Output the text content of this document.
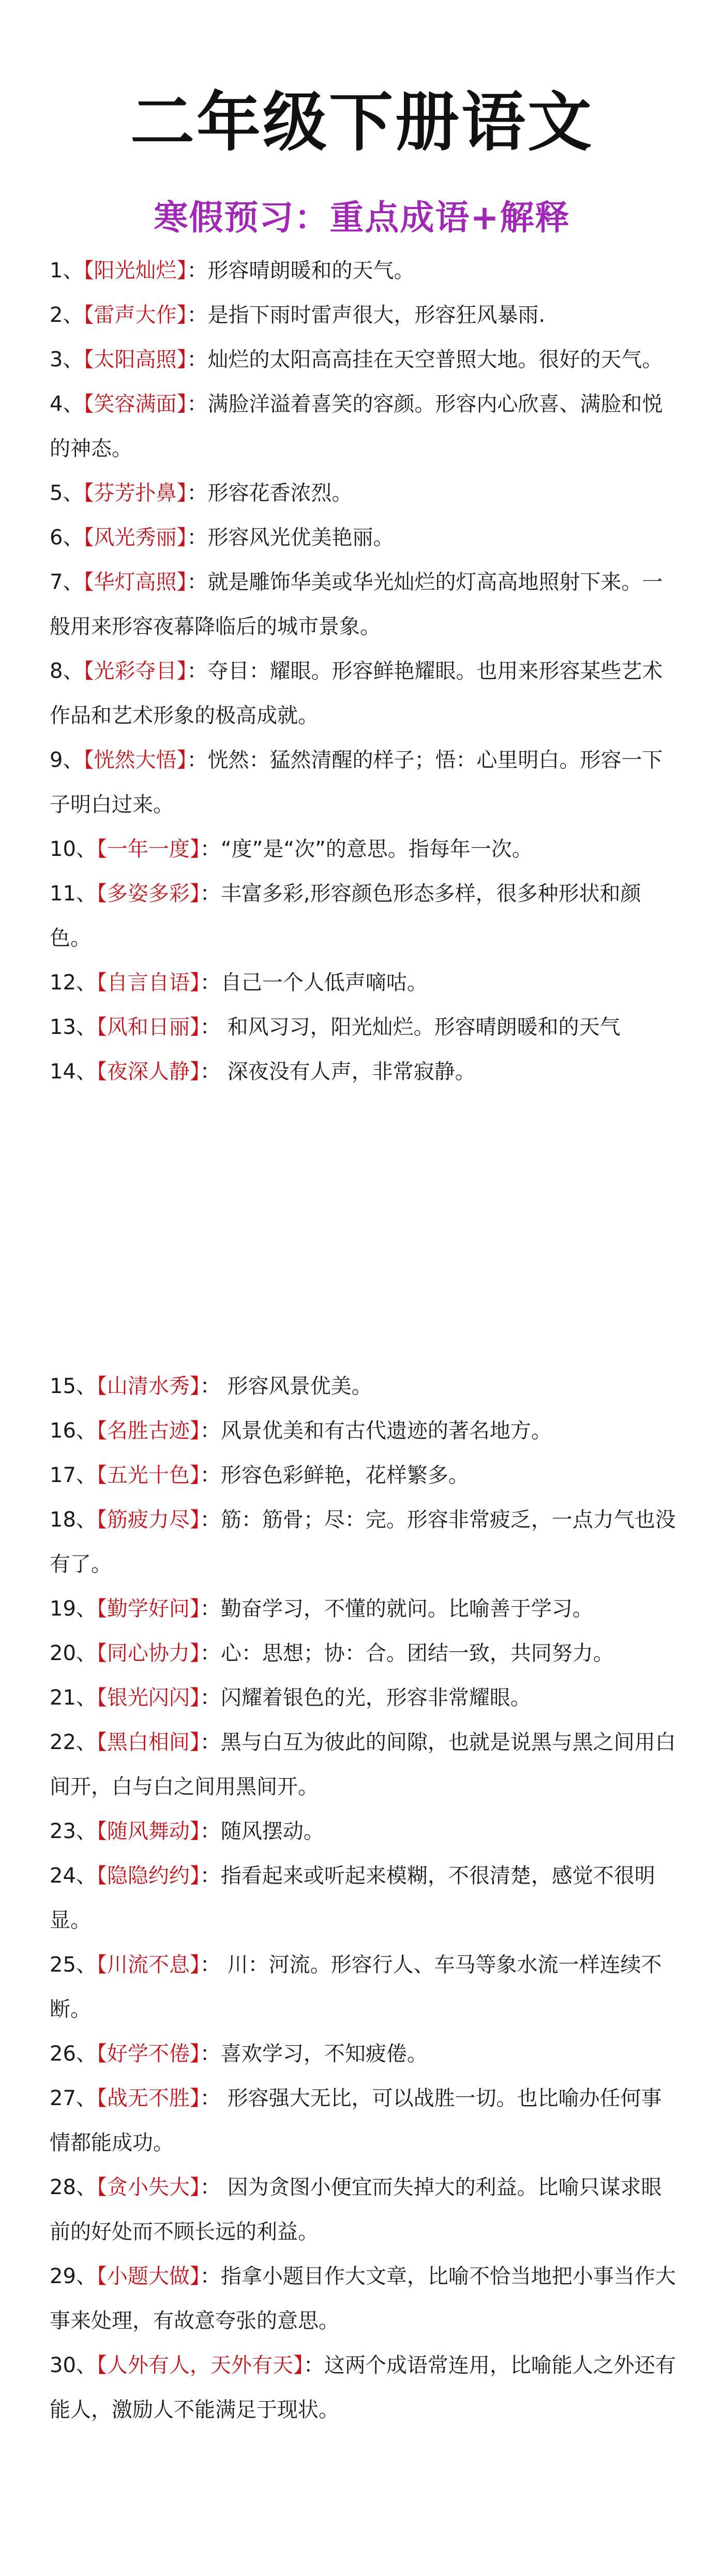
二年级下册语文
寒假预习：重点成语+解释
1、【阳光灿烂】：形容晴朗暖和的天气。
2、【雷声大作】：是指下雨时雷声很大，形容狂风暴雨.
3、【太阳高照】：灿烂的太阳高高挂在天空普照大地。很好的天气。
4、【笑容满面】：满脸洋溢着喜笑的容颜。形容内心欣喜、满脸和悦的神态。
5、【芬芳扑鼻】：形容花香浓烈。
6、【风光秀丽】：形容风光优美艳丽。
7、【华灯高照】：就是雕饰华美或华光灿烂的灯高高地照射下来。一般用来形容夜幕降临后的城市景象。
8、【光彩夺目】：夺目：耀眼。形容鲜艳耀眼。也用来形容某些艺术作品和艺术形象的极高成就。
9、【恍然大悟】：恍然：猛然清醒的样子；悟：心里明白。形容一下子明白过来。
10、【一年一度】：“度”是“次”的意思。指每年一次。
11、【多姿多彩】：丰富多彩,形容颜色形态多样，很多种形状和颜色。
12、【自言自语】：自己一个人低声嘀咕。
13、【风和日丽】： 和风习习，阳光灿烂。形容晴朗暖和的天气
14、【夜深人静】： 深夜没有人声，非常寂静。
15、【山清水秀】： 形容风景优美。
16、【名胜古迹】：风景优美和有古代遗迹的著名地方。
17、【五光十色】：形容色彩鲜艳，花样繁多。
18、【筋疲力尽】：筋：筋骨；尽：完。形容非常疲乏，一点力气也没有了。
19、【勤学好问】：勤奋学习，不懂的就问。比喻善于学习。
20、【同心协力】：心：思想；协：合。团结一致，共同努力。
21、【银光闪闪】：闪耀着银色的光，形容非常耀眼。
22、【黑白相间】：黑与白互为彼此的间隙，也就是说黑与黑之间用白间开，白与白之间用黑间开。
23、【随风舞动】：随风摆动。
24、【隐隐约约】：指看起来或听起来模糊，不很清楚，感觉不很明显。
25、【川流不息】： 川：河流。形容行人、车马等象水流一样连续不断。
26、【好学不倦】：喜欢学习，不知疲倦。
27、【战无不胜】： 形容强大无比，可以战胜一切。也比喻办任何事情都能成功。
28、【贪小失大】： 因为贪图小便宜而失掉大的利益。比喻只谋求眼前的好处而不顾长远的利益。
29、【小题大做】：指拿小题目作大文章，比喻不恰当地把小事当作大事来处理，有故意夸张的意思。
30、【人外有人，天外有天】：这两个成语常连用，比喻能人之外还有能人，激励人不能满足于现状。
